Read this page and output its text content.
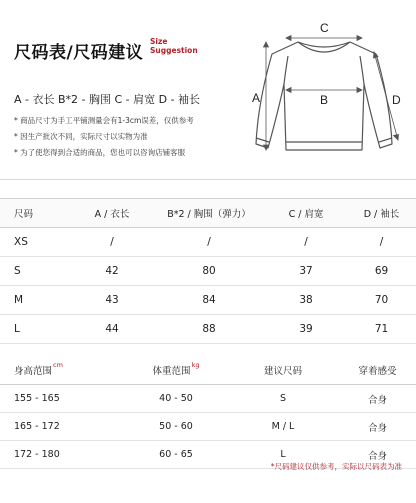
尺码表/尺码建议
Size
Suggestion
A - 衣长 B*2 - 胸围 C - 肩宽 D - 袖长
* 商品尺寸为手工平铺测量会有1-3cm误差，仅供参考
* 因生产批次不同，实际尺寸以实物为准
* 为了使您得到合适的商品，您也可以咨询店铺客服
C
B
A	D
尺码	A / 衣长	B*2 / 胸围（弹力）	C / 肩宽	D / 袖长
XS	/	/	/	/
S	42	80	37	69
M	43	84	38	70
L	44	88	39	71
身高范围$^{cm}$	体重范围$^{kg}$	建议尺码	穿着感受
155 - 165	40 - 50	S	合身
165 - 172	50 - 60	M / L	合身
172 - 180	60 - 65	L	合身
*尺码建议仅供参考，实际以尺码表为准
